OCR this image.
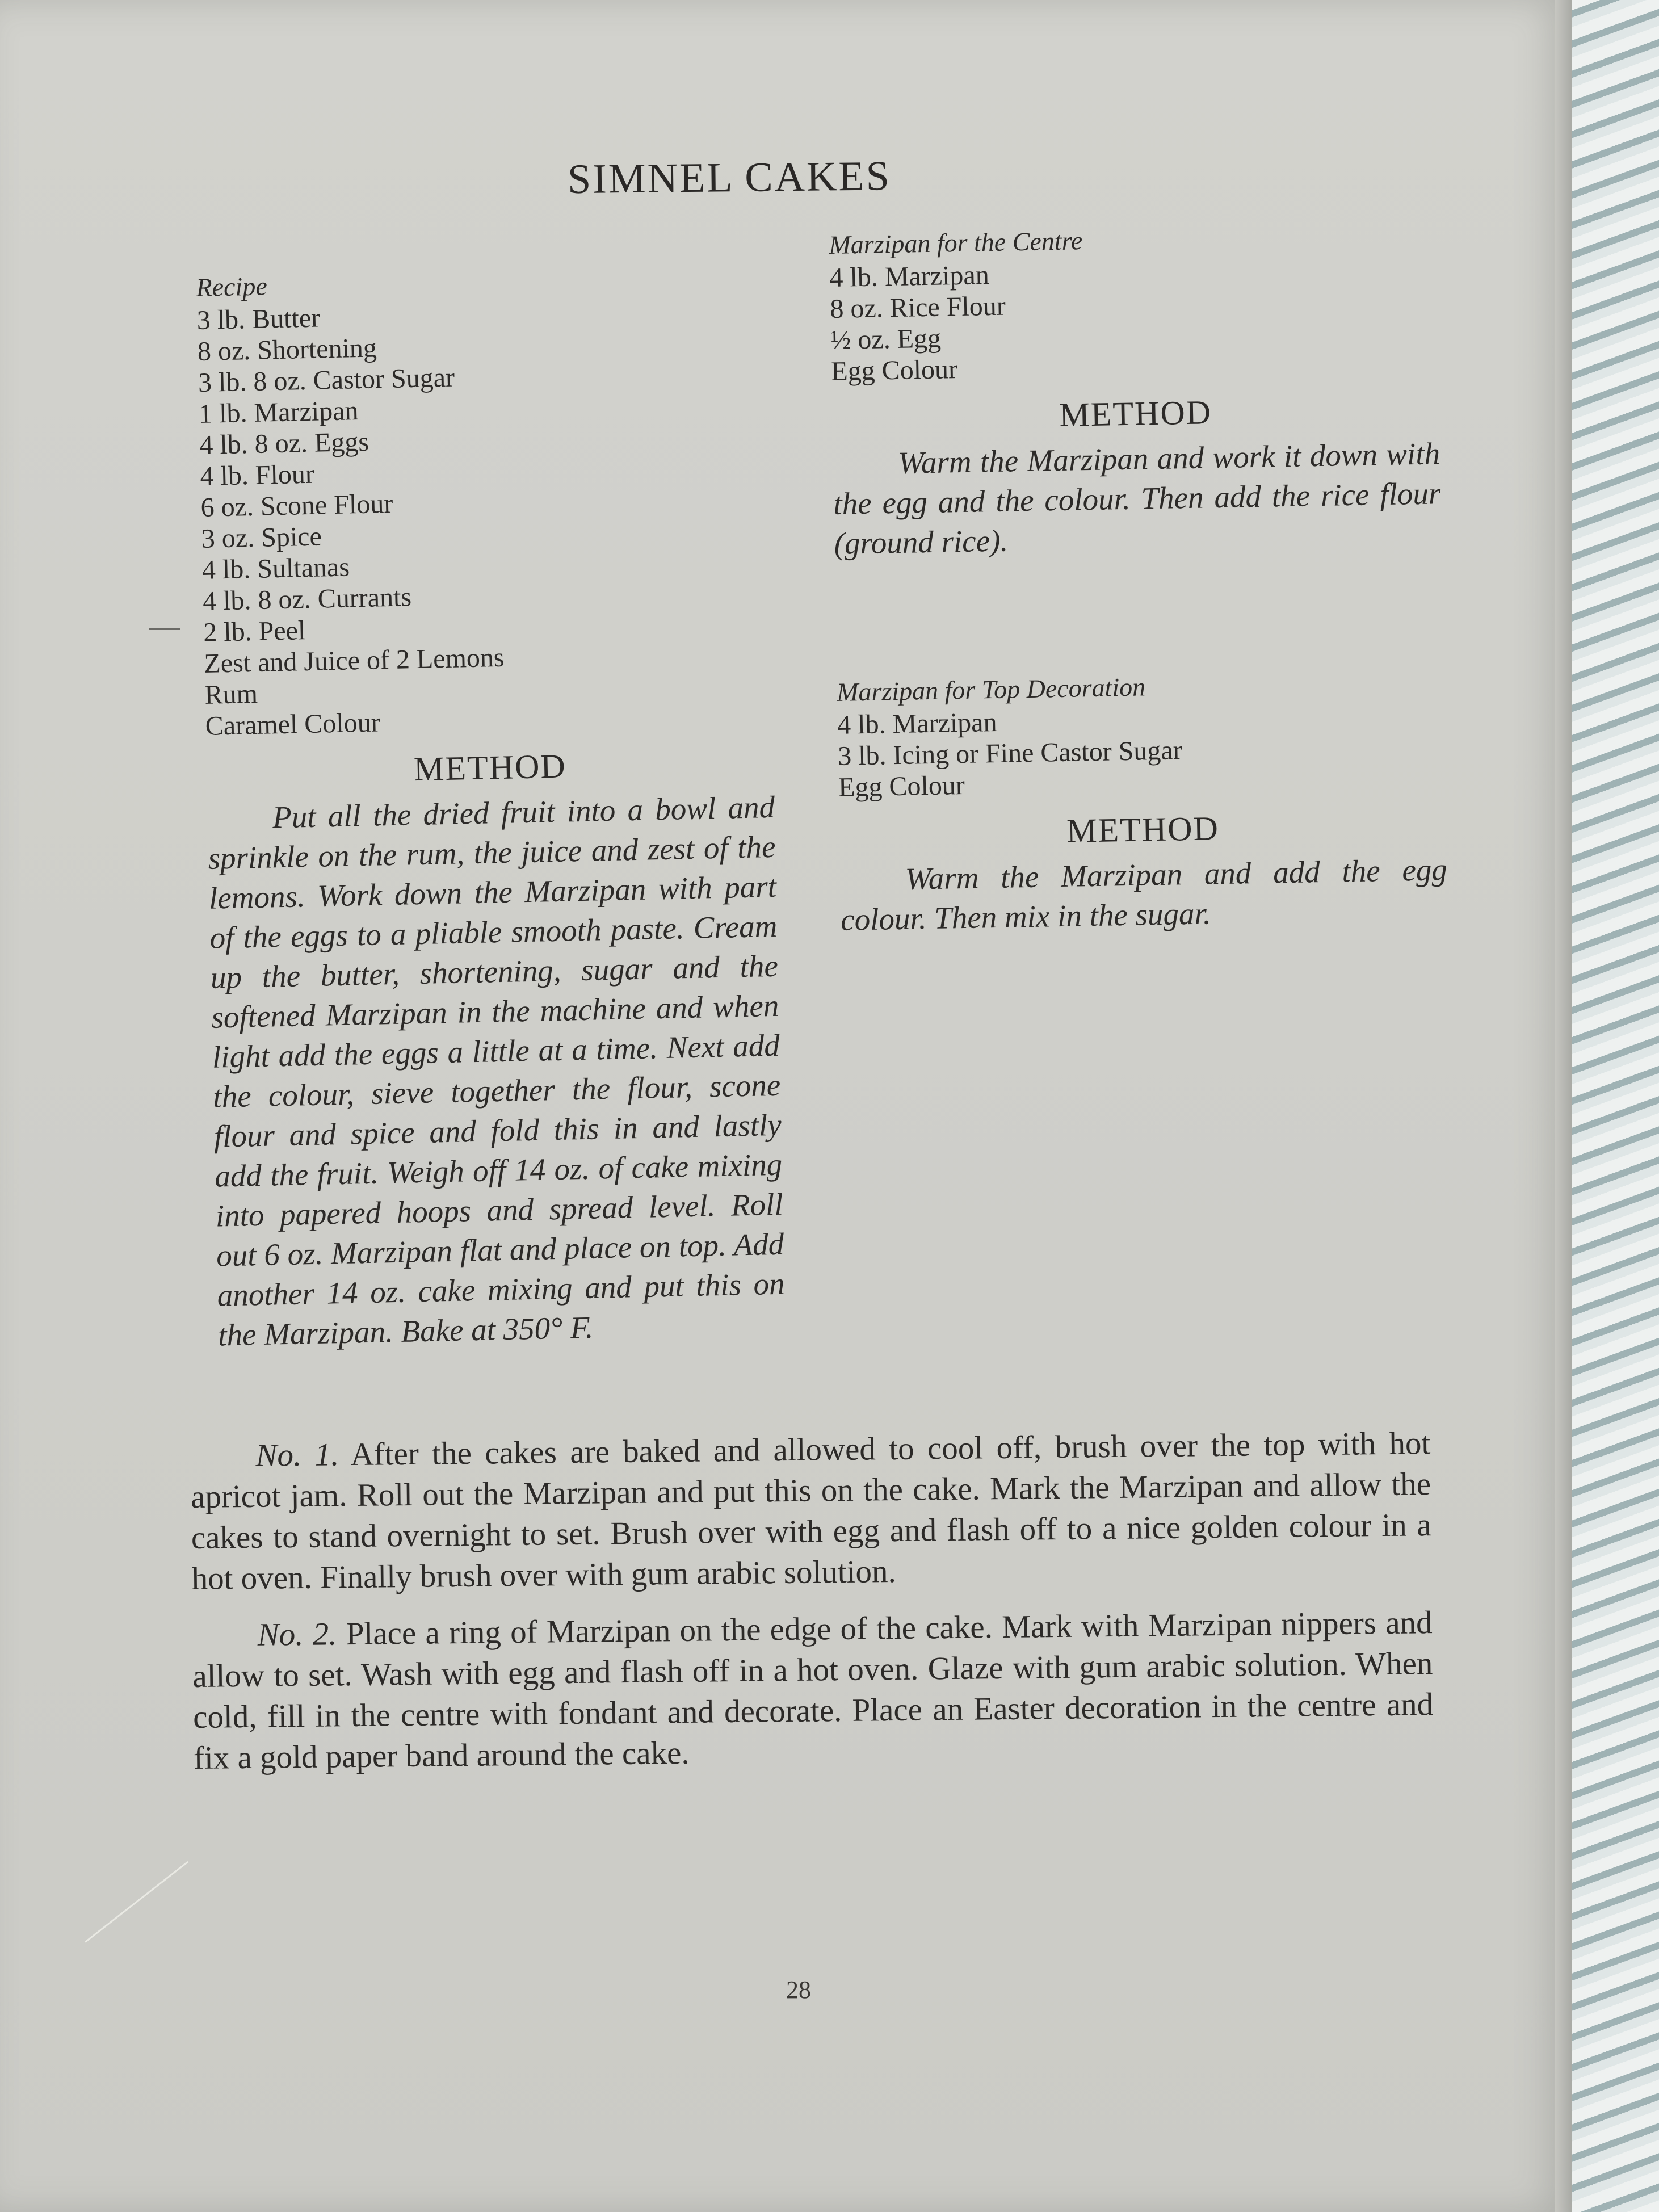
SIMNEL CAKES
Recipe
3 lb. Butter
8 oz. Shortening
3 lb. 8 oz. Castor Sugar
1 lb. Marzipan
4 lb. 8 oz. Eggs
4 lb. Flour
6 oz. Scone Flour
3 oz. Spice
4 lb. Sultanas
4 lb. 8 oz. Currants
2 lb. Peel
Zest and Juice of 2 Lemons
Rum
Caramel Colour
METHOD

Put all the dried fruit into a bowl and sprinkle on the rum, the juice and zest of the lemons. Work down the Marzipan with part of the eggs to a pliable smooth paste. Cream up the butter, shortening, sugar and the softened Marzipan in the machine and when light add the eggs a little at a time. Next add the colour, sieve together the flour, scone flour and spice and fold this in and lastly add the fruit. Weigh off 14 oz. of cake mixing into papered hoops and spread level. Roll out 6 oz. Marzipan flat and place on top. Add another 14 oz. cake mixing and put this on the Marzipan. Bake at 350° F.

Marzipan for the Centre
4 lb. Marzipan
8 oz. Rice Flour
½ oz. Egg
Egg Colour
METHOD

Warm the Marzipan and work it down with the egg and the colour. Then add the rice flour (ground rice).

Marzipan for Top Decoration
4 lb. Marzipan
3 lb. Icing or Fine Castor Sugar
Egg Colour
METHOD

Warm the Marzipan and add the egg colour. Then mix in the sugar.

No. 1. After the cakes are baked and allowed to cool off, brush over the top with hot apricot jam. Roll out the Marzipan and put this on the cake. Mark the Marzipan and allow the cakes to stand overnight to set. Brush over with egg and flash off to a nice golden colour in a hot oven. Finally brush over with gum arabic solution.

No. 2. Place a ring of Marzipan on the edge of the cake. Mark with Marzipan nippers and allow to set. Wash with egg and flash off in a hot oven. Glaze with gum arabic solution. When cold, fill in the centre with fondant and decorate. Place an Easter decoration in the centre and fix a gold paper band around the cake.

28
